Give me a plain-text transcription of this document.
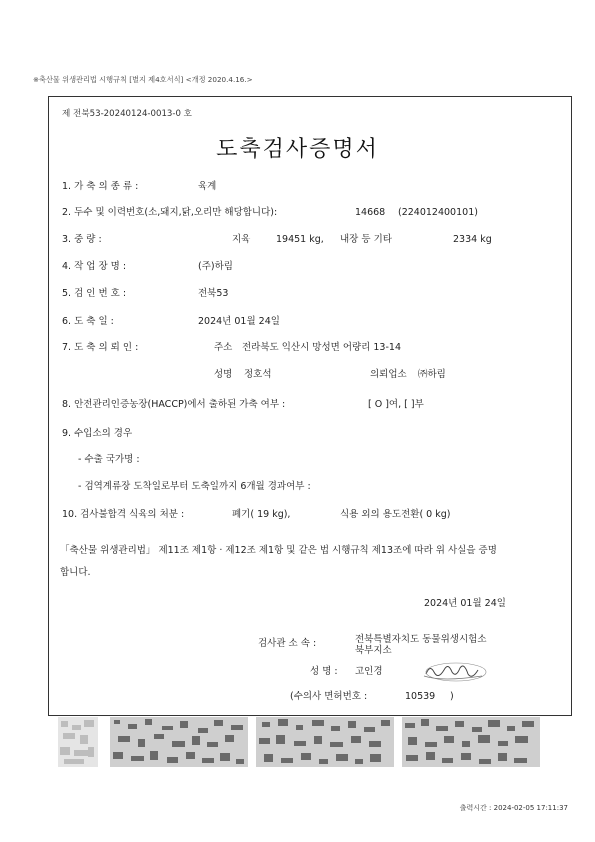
※축산물 위생관리법 시행규칙 [별지 제4호서식] <개정 2020.4.16.>
제 전북53-20240124-0013-0 호
도축검사증명서
1. 가 축 의 종 류 :	육계
2. 두수 및 이력번호(소,돼지,닭,오리만 해당합니다):	14668 (224012400101)
3. 중 량 :	지육	19451 kg, 내장 등 기타	2334 kg
4. 작 업 장 명 :	(주)하림
5. 검 인 번 호 :	전북53
6. 도 축 일 :	2024년 01월 24일
7. 도 축 의 뢰 인 :	주소 전라북도 익산시 망성면 어량리 13-14
성명 정호석	의뢰업소 ㈜하림
8. 안전관리인증농장(HACCP)에서 출하된 가축 여부 :	[ O ]여, [ ]부
9. 수입소의 경우
- 수출 국가명 :
- 검역계류장 도착일로부터 도축일까지 6개월 경과여부 :
10. 검사불합격 식육의 처분 :	폐기( 19 kg),	식용 외의 용도전환( 0 kg)
「축산물 위생관리법」 제11조 제1항 · 제12조 제1항 및 같은 법 시행규칙 제13조에 따라 위 사실을 증명
합니다.
2024년 01월 24일
검사관 소 속 :	전북특별자치도 동물위생시험소
북부지소
성 명 : 고인경
(수의사 면허번호 :	10539 )
출력시간 : 2024-02-05 17:11:37
